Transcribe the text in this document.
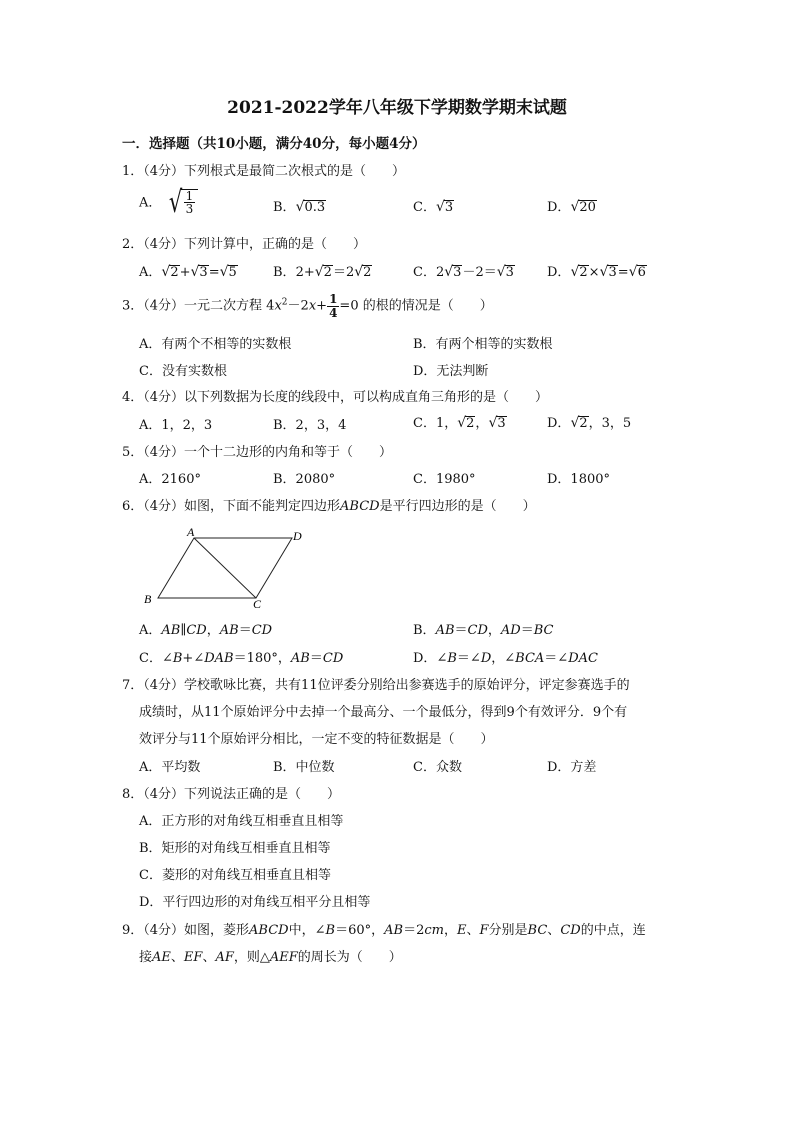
2021-2022学年八年级下学期数学期末试题
一．选择题（共10小题，满分40分，每小题4分）
1．（4分）下列根式是最简二次根式的是（　　）
A． √ $\frac{1}{3}$	B．√0.3	C．√3	D．√20
2．（4分）下列计算中，正确的是（　　）
A．√2+√3=√5	B．2+√2＝2√2	C．2√3－2＝√3	D．√2×√3=√6
3．（4分）一元二次方程 $4x^2-2x+ \frac{1}{4} =0$ 的根的情况是（　　）
A．有两个不相等的实数根	B．有两个相等的实数根
C．没有实数根	D．无法判断
4．（4分）以下列数据为长度的线段中，可以构成直角三角形的是（　　）
A．1，2，3	B．2，3，4	C．1，√2，√3	D．√2，3，5
5．（4分）一个十二边形的内角和等于（　　）
A．2160°	B．2080°	C．1980°	D．1800°
6．（4分）如图，下面不能判定四边形ABCD是平行四边形的是（　　）
A	D
B	C
A．AB∥CD，AB＝CD	B．AB＝CD，AD＝BC
C．∠B+∠DAB＝180°，AB＝CD	D．∠B＝∠D，∠BCA＝∠DAC
7．（4分）学校歌咏比赛，共有11位评委分别给出参赛选手的原始评分，评定参赛选手的
成绩时，从11个原始评分中去掉一个最高分、一个最低分，得到9个有效评分．9个有
效评分与11个原始评分相比，一定不变的特征数据是（　　）
A．平均数	B．中位数	C．众数	D．方差
8．（4分）下列说法正确的是（　　）
A．正方形的对角线互相垂直且相等
B．矩形的对角线互相垂直且相等
C．菱形的对角线互相垂直且相等
D．平行四边形的对角线互相平分且相等
9．（4分）如图，菱形ABCD中，∠B＝60°，AB＝2cm，E、F分别是BC、CD的中点，连
接AE、EF、AF，则△AEF的周长为（　　）
